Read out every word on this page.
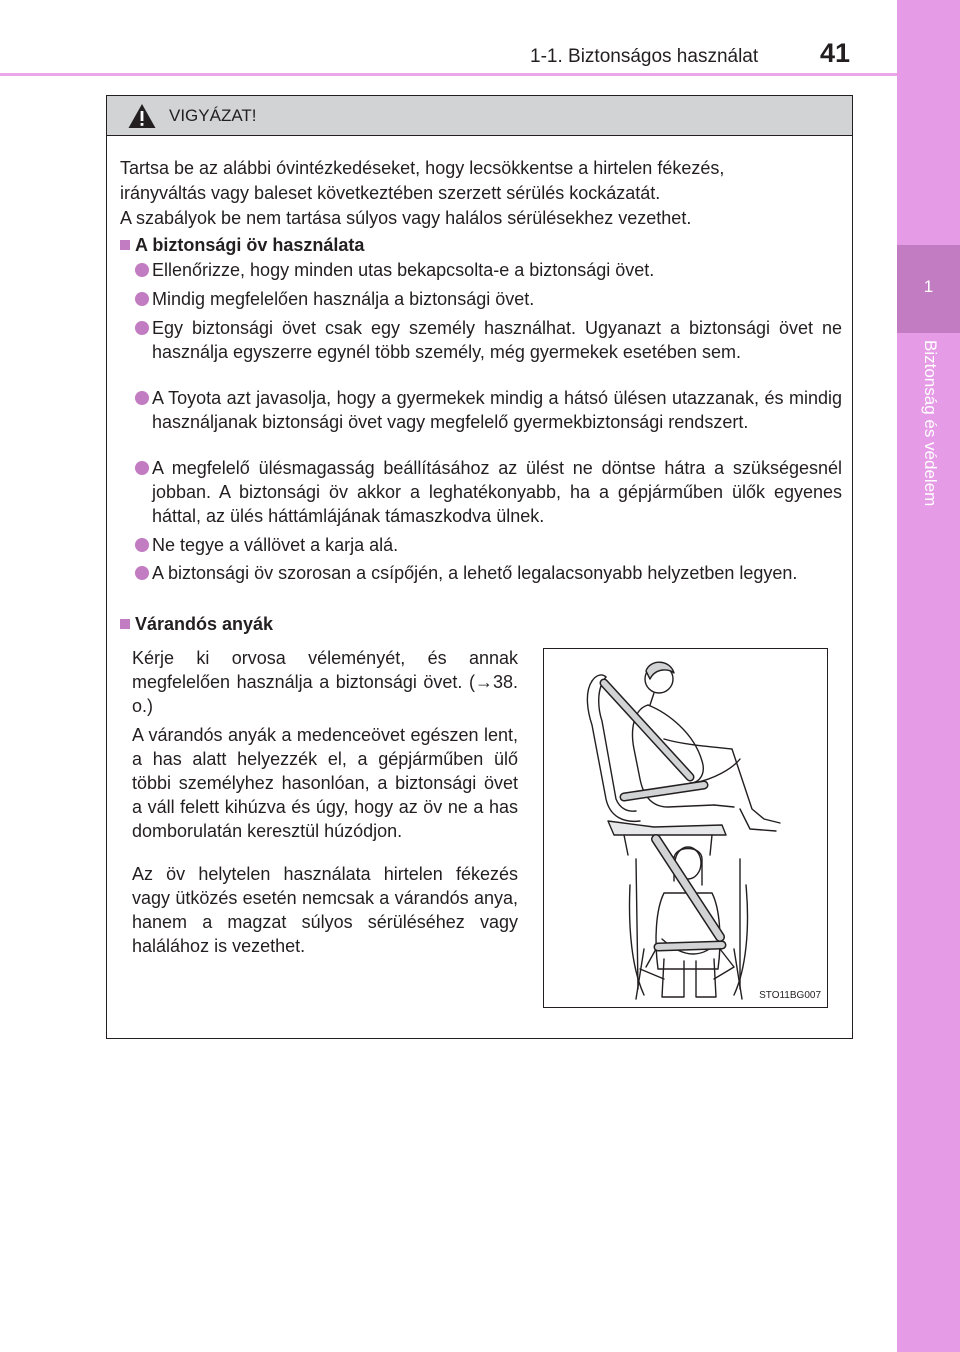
1-1. Biztonságos használat 41
1
Biztonság és védelem
VIGYÁZAT!
Tartsa be az alábbi óvintézkedéseket, hogy lecsökkentse a hirtelen fékezés,
irányváltás vagy baleset következtében szerzett sérülés kockázatát.
A szabályok be nem tartása súlyos vagy halálos sérülésekhez vezethet.
A biztonsági öv használata
Ellenőrizze, hogy minden utas bekapcsolta-e a biztonsági övet.
Mindig megfelelően használja a biztonsági övet.
Egy biztonsági övet csak egy személy használhat. Ugyanazt a biztonsági övet ne használja egyszerre egynél több személy, még gyermekek esetében sem.
A Toyota azt javasolja, hogy a gyermekek mindig a hátsó ülésen utazzanak, és mindig használjanak biztonsági övet vagy megfelelő gyermekbiztonsági rendszert.
A megfelelő ülésmagasság beállításához az ülést ne döntse hátra a szükségesnél jobban. A biztonsági öv akkor a leghatékonyabb, ha a gépjárműben ülők egyenes háttal, az ülés háttámlájának támaszkodva ülnek.
Ne tegye a vállövet a karja alá.
A biztonsági öv szorosan a csípőjén, a lehető legalacsonyabb helyzetben legyen.
Várandós anyák
Kérje ki orvosa véleményét, és annak megfelelően használja a biztonsági övet. (→38. o.)
A várandós anyák a medenceövet egészen lent, a has alatt helyezzék el, a gépjárműben ülő többi személyhez hasonlóan, a biztonsági övet a váll felett kihúzva és úgy, hogy az öv ne a has domborulatán keresztül húzódjon.
Az öv helytelen használata hirtelen fékezés vagy ütközés esetén nemcsak a várandós anya, hanem a magzat súlyos sérüléséhez vagy halálához is vezethet.
STO11BG007
